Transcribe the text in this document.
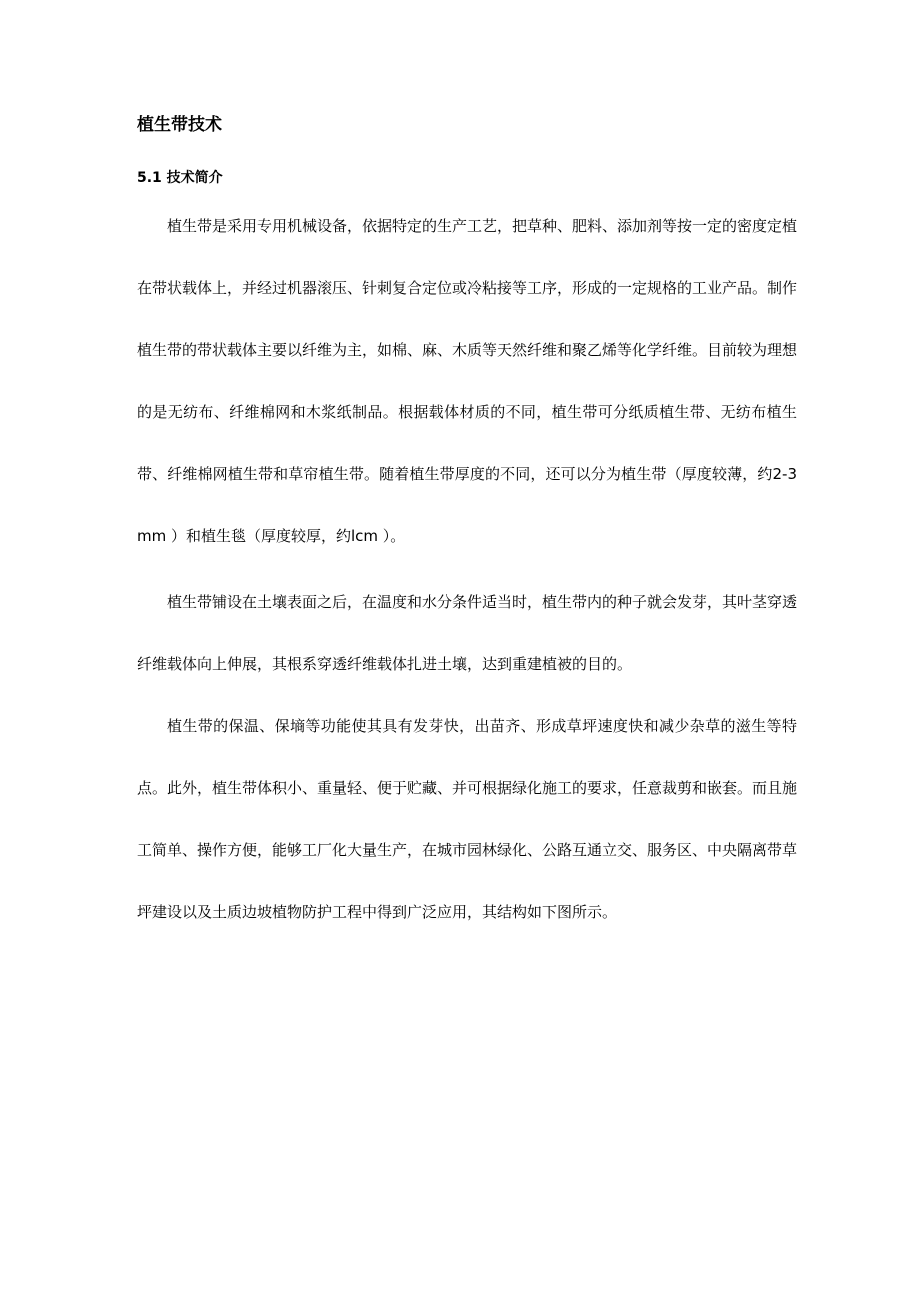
植生带技术
5.1 技术简介

植生带是采用专用机械设备，依据特定的生产工艺，把草种、肥料、添加剂等按一定的密度定植在带状载体上，并经过机器滚压、针刺复合定位或冷粘接等工序，形成的一定规格的工业产品。制作植生带的带状载体主要以纤维为主，如棉、麻、木质等天然纤维和聚乙烯等化学纤维。目前较为理想的是无纺布、纤维棉网和木浆纸制品。根据载体材质的不同，植生带可分纸质植生带、无纺布植生带、纤维棉网植生带和草帘植生带。随着植生带厚度的不同，还可以分为植生带（厚度较薄，约2-3mm ）和植生毯（厚度较厚，约lcm ）。

植生带铺设在土壤表面之后，在温度和水分条件适当时，植生带内的种子就会发芽，其叶茎穿透纤维载体向上伸展，其根系穿透纤维载体扎进土壤，达到重建植被的目的。

植生带的保温、保墒等功能使其具有发芽快，出苗齐、形成草坪速度快和减少杂草的滋生等特点。此外，植生带体积小、重量轻、便于贮藏、并可根据绿化施工的要求，任意裁剪和嵌套。而且施工简单、操作方便，能够工厂化大量生产，在城市园林绿化、公路互通立交、服务区、中央隔离带草坪建设以及土质边坡植物防护工程中得到广泛应用，其结构如下图所示。
